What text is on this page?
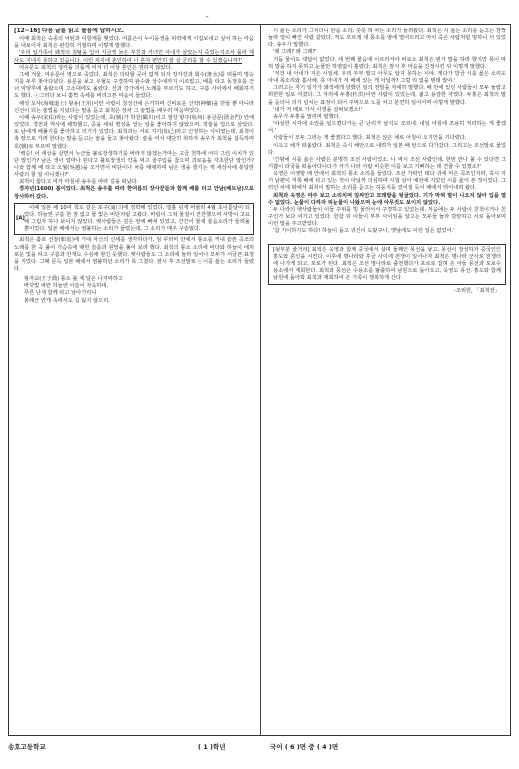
^
[12~16] 다음 글을 읽고 물음에 답하시오.

이때 최척은 숙종의 어떤과 이항재를 맺었다. 여름은이 누이동생을 피력에게 시집보내고 싶어 하는 마음을 내보이자 최척은 완강히 거절하며 이렇게 말했다.

'우리 일가족이 왜적의 침탈을 입어 지금껏 늙은 부친과 거녀린 아내가 살았는지 죽었는지조차 몰라 제사도 지내지 못하고 있습니다. 이런 처지에 혼인하여 나 혼자 편안히 잘 살 궁리를 할 수 있겠습니까?'

여유문도 최척의 생각을 의롭게 여겨 더 이상 혼인은 권하지 않았다.

그해 겨울, 여유문이 병으로 죽었다. 최척은 의탁할 곳이 없게 되자 장자강과 회수(淮水)를 떠돌며 명승지를 두루 찾아다녔다. 용문을 보고 우혈도 구경하며 완수와 상수에까지 이르렀고, 배를 타고 동정호를 건너 악양루에 올랐으며 고소대에도 올랐다. 산과 강가에서 노래를 부르기도 하고, 구름 사이에서 배회하기도 했다. ⓒ그러다 보니 훌쩍 속세를 버리고픈 마음이 들었다.

해성 도사(海城道士) 왕용(王用)이란 사람이 청성산에 은거하며 신비로운 신약(神藥)을 만들 뿐 아니라 신선이 되는 술법을 지녔다는 말을 듣고 최척은 장차 그 술법을 배우러 마음먹었다.

이때 송우(宋佑)라는 사람이 있었는데, 호(號)가 학천(鶴川)이고 절강 항주(杭州) 용금문(湧金門) 안에 있었다. 경전과 역사에 해박했고, 공을 세워 명성을 얻는 일을 좋아하지 않았으며, 적술을 업으로 삼았다. 또 남에게 베풀기를 좋아하고 의기가 있었다. 최척과는 서로 지기(知己)라고 인정하는 사이였는데, 최척이 촉 땅으로 가려 한다는 말을 듣고는 술을 들고 찾아왔다. 술을 여서 대단히 취하자 송우가 최척을 설득하며 호(號)로 부르며 말했다.

'백승! 이 세상을 살면서 누군들 불로장생하기를 바라지 않겠는가마는 고금 천하에 어디 그런 이치가 있단 말인가? 남은 생이 얼마나 된다고 불로장생의 약을 먹고 골주림을 참으며 괴로움을 자초한단 말인가? 나와 함께 배 타고 오월(吳越)을 오가면서 비단이나 차를 매매하며 남은 생을 즐기는 게 세상사에 통달한 사람의 할 일 아니겠나?'

최척이 옳다고 여겨 마침내 송우를 따라 길을 떠났다.

경자년(1600) 봄이었다. 최척은 송우를 따라 한여름의 장사꾼들과 함께 배를 타고 안남(베트남)으로 장사하러 갔다.

[A]

이때 일본 배 10여 척도 같은 포구(浦口)에 정박해 있었다. 열흘 넘게 머물러 4월 초이튿날이 되었다. 하늘엔 구름 한 점 없고 물 빛은 비단처럼 고왔다. 바람이 그쳐 물결이 잔잔했으며 사방이 고요해 그림자 하나 보이지 않았다. 뱃사람들은 깊은 잠에 빠져 있었고, 간간이 물새 울음소리가 들려올 뿐이었다. 일본 배에서는 염불하는 소리가 들렸는데, 그 소리가 매우 구슬펐다.

최척은 홀로 선창(船窓)에 기대 자신의 신세를 생각하다가, 짐 꾸러미 안에서 퉁소를 꺼내 슬픈 곡조의 노래를 한 곡 불어 가슴속에 맺힌 슬픔과 원망을 풀어 보려 했다. 최척의 퉁소 소리에 바다와 하늘이 애처로운 빛을 띠고 구름과 안개도 수심에 잠긴 듯했다. 뱃사람들도 그 소리에 놀라 일어나 모두가 서글픈 표정을 지었다. 그때 문득 일본 배에서 염불하던 소리가 뚝 그쳤다. 잠시 후 조선말로 ⓒ시를 읊는 소리가 들렸다.

왕자교(王子喬) 퉁소 불 제 달은 나지막하고
바닷빛 파란 하늘엔 이슬이 자욱하네.
푸른 난새 함께 타고 날아가리니
봉래산 안개 속에서도 길 잃지 않으리.

시 읊는 소리가 그치더니 한숨 소리, 쯧쯧 혀 차는 소리가 들려왔다. 최척은 시 읊는 소리를 듣고는 깜짝 놀라 얼이 빠진 사람 같았다. 저도 모르게 새 퉁소를 땅에 떨어뜨리고 마치 죽은 사람처럼 멍하니 서 있었다. 송우가 말했다.

'왜 그래? 왜 그래?'

거듭 물어도 대답이 없었다. 세 번째 물음에 이르러서야 비로소 최척은 뭔가 말을 하려 했지만 목이 막혀 말을 하지 못하고 눈물만 하염없이 흘렸다. 최척은 잠시 후 마음을 진정시킨 뒤 이렇게 말했다.

'저건 내 아내가 지은 시일세. 우리 부부 말고 아무도 알지 못하는 시야. 게다가 방금 시를 읊은 소리도 아내 목소리와 흡사해. 혹 아내가 저 배에 있는 게 아닐까? 그럴 리 없을 텐데 말야.'

그러고는 자기 일가가 왜적에게 당했던 일의 전말을 자세히 말했다. 배 안에 있던 사람들이 모두 놀랍고 희한한 일로 여겼다. 그 자리에 두홍(杜洪)이란 사람이 있었는데, 젊고 용감한 자였다. 두홍은 최척의 말을 듣더니 의기 넘치는 표정이 되어 주먹으로 노를 치고 분연히 일어서며 이렇게 말했다.

'내가 저 배로 가서 사정을 살펴보겠소!'

송우가 두홍을 말리며 말했다.

'야심한 시각에 소란을 일으켰다가는 큰 난리가 날지도 모르네. 내일 아침에 조용히 처리하는 게 좋겠어.'

사람들이 모두 그러는 게 좋겠다고 했다. 최척은 앉은 채로 아침이 오기만을 기다렸다.

이윽고 해가 떠올랐다. 최척은 즉시 해안으로 내려가 일본 배 앞으로 다가갔다. 그리고는 조선말로 물었다.

'간밤에 시를 읊은 사람은 분명히 조선 사람이었소. 나 역시 조선 사람인데, 한번 만나 볼 수 있다면 그 기쁨이 타국을 떠돌아다니다가 자기 나라 사람 비슷한 이를 보고 기뻐하는 데 견줄 수 있겠소?'

옥영은 어젯밤 배 안에서 최척의 퉁소 소리를 들었다. 조선 가락인 데다 귀에 익은 곡조인지라, 혹시 자기 남편이 저쪽 배에 타고 있는 것이 아닐까 의심하며 시험 삼아 예전에 지었던 시를 읊어 본 것이었다. 그러던 차에 밖에서 최척이 말하는 소리를 듣고는 허둥지둥 엎어질 듯이 배에서 뛰어내려 왔다.

최척과 옥영은 마주 보고 소리치며 얼싸안고 모래밭을 뒹굴었다. 기가 막혀 말이 나오지 않아 입을 열 수 없었다. 눈물이 다하자 피눈물이 나왔으며 눈에 아무것도 보이지 않았다.

두 나라의 뱃사람들이 이들 주위를 빙 둘러서서 구경하고 있었는데, 처음에는 두 사람이 친척이거나 친구인가 보다 여기고 있었다. 한참 뒤 이들이 부부 사이임을 알고는 모두들 놀라 감탄하고 서로 돌아보며 이런 말을 주고받았다.

'참 기이하기도 하다! 하늘이 돕고 귀신이 도왔구나, 옛날에도 이런 일은 없었어.'

[뒷부분 줄거리] 최척은 옥영과 함께 중국에서 살며 둘째인 몽선을 낳고, 몽선이 장성하자 중국인인 홍도와 혼인을 시킨다. 이후에 명나라와 후금 사이에 전쟁이 일어나자 최척은 명나라 군사로 전쟁터에 나가게 되고, 포로가 된다. 최척은 조선 명나라로 출전했다가 포로로 잡혀 온 아들 몽선과 포로수용소에서 재회한다. 최척과 몽선은 수용소를 탈출하여 남원으로 돌아오고, 옥영도 몽선, 홍도와 함께 남원에 돌아와 최척과 재회하여 온 가족이 행복하게 산다.

-조위한, 「최척전」
송호고등학교	( 1 )학년	국어 ( 6 )면 중 ( 4 )면
